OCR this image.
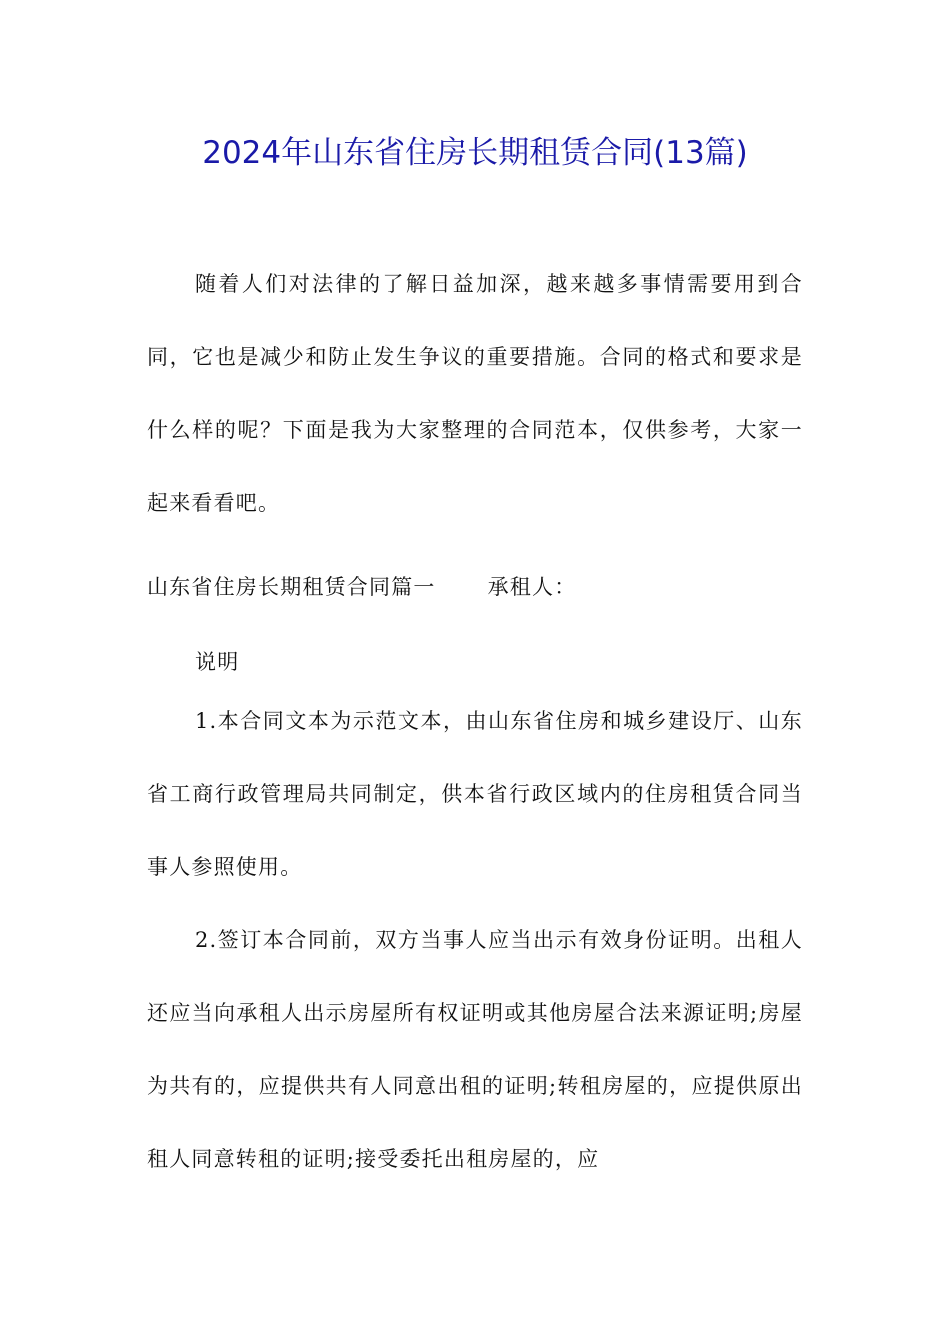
2024年山东省住房长期租赁合同(13篇)

随着人们对法律的了解日益加深，越来越多事情需要用到合同，它也是减少和防止发生争议的重要措施。合同的格式和要求是什么样的呢？下面是我为大家整理的合同范本，仅供参考，大家一起来看看吧。

山东省住房长期租赁合同篇一 承租人：
说明

1.本合同文本为示范文本，由山东省住房和城乡建设厅、山东省工商行政管理局共同制定，供本省行政区域内的住房租赁合同当事人参照使用。

2.签订本合同前，双方当事人应当出示有效身份证明。出租人还应当向承租人出示房屋所有权证明或其他房屋合法来源证明;房屋为共有的，应提供共有人同意出租的证明;转租房屋的，应提供原出租人同意转租的证明;接受委托出租房屋的，应
